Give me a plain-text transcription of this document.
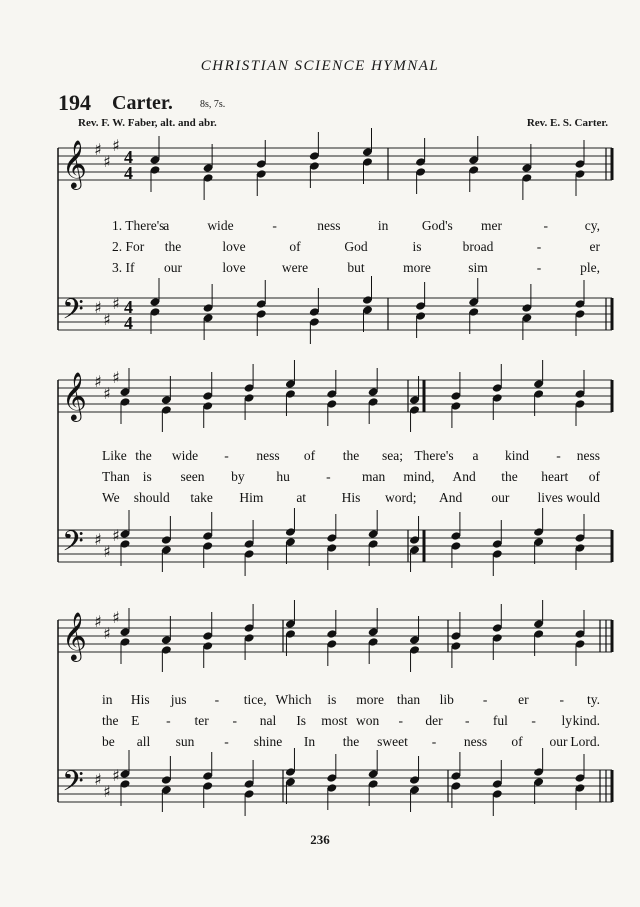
CHRISTIAN SCIENCE HYMNAL
194 Carter.	8s, 7s.
Rev. F. W. Faber, alt. and abr.	Rev. E. S. Carter.
𝄞 ♯
♯
♯
4
4
𝄢 ♯
♯
♯ 4
4
1. There's
a	wide	-	ness	in God's mer	-	cy,
2. For the	love	of	God	is	broad	-	er
3. If our	love	were	but	more	sim	-	ple,
𝄞 ♯
♯
♯
𝄢 ♯
♯
♯
Like the wide - ness of the sea; There's a kind - ness
Than is seen by hu	- man mind, And the heart of
We should take Him at	His word; And our lives would
𝄞 ♯
♯
♯
𝄢 ♯
♯
♯
in His jus - tice, Which is more than lib - er - ty.
the E - ter - nal Is most won - der - ful - ly kind.
be all sun - shine In the sweet - ness of our Lord.
236
